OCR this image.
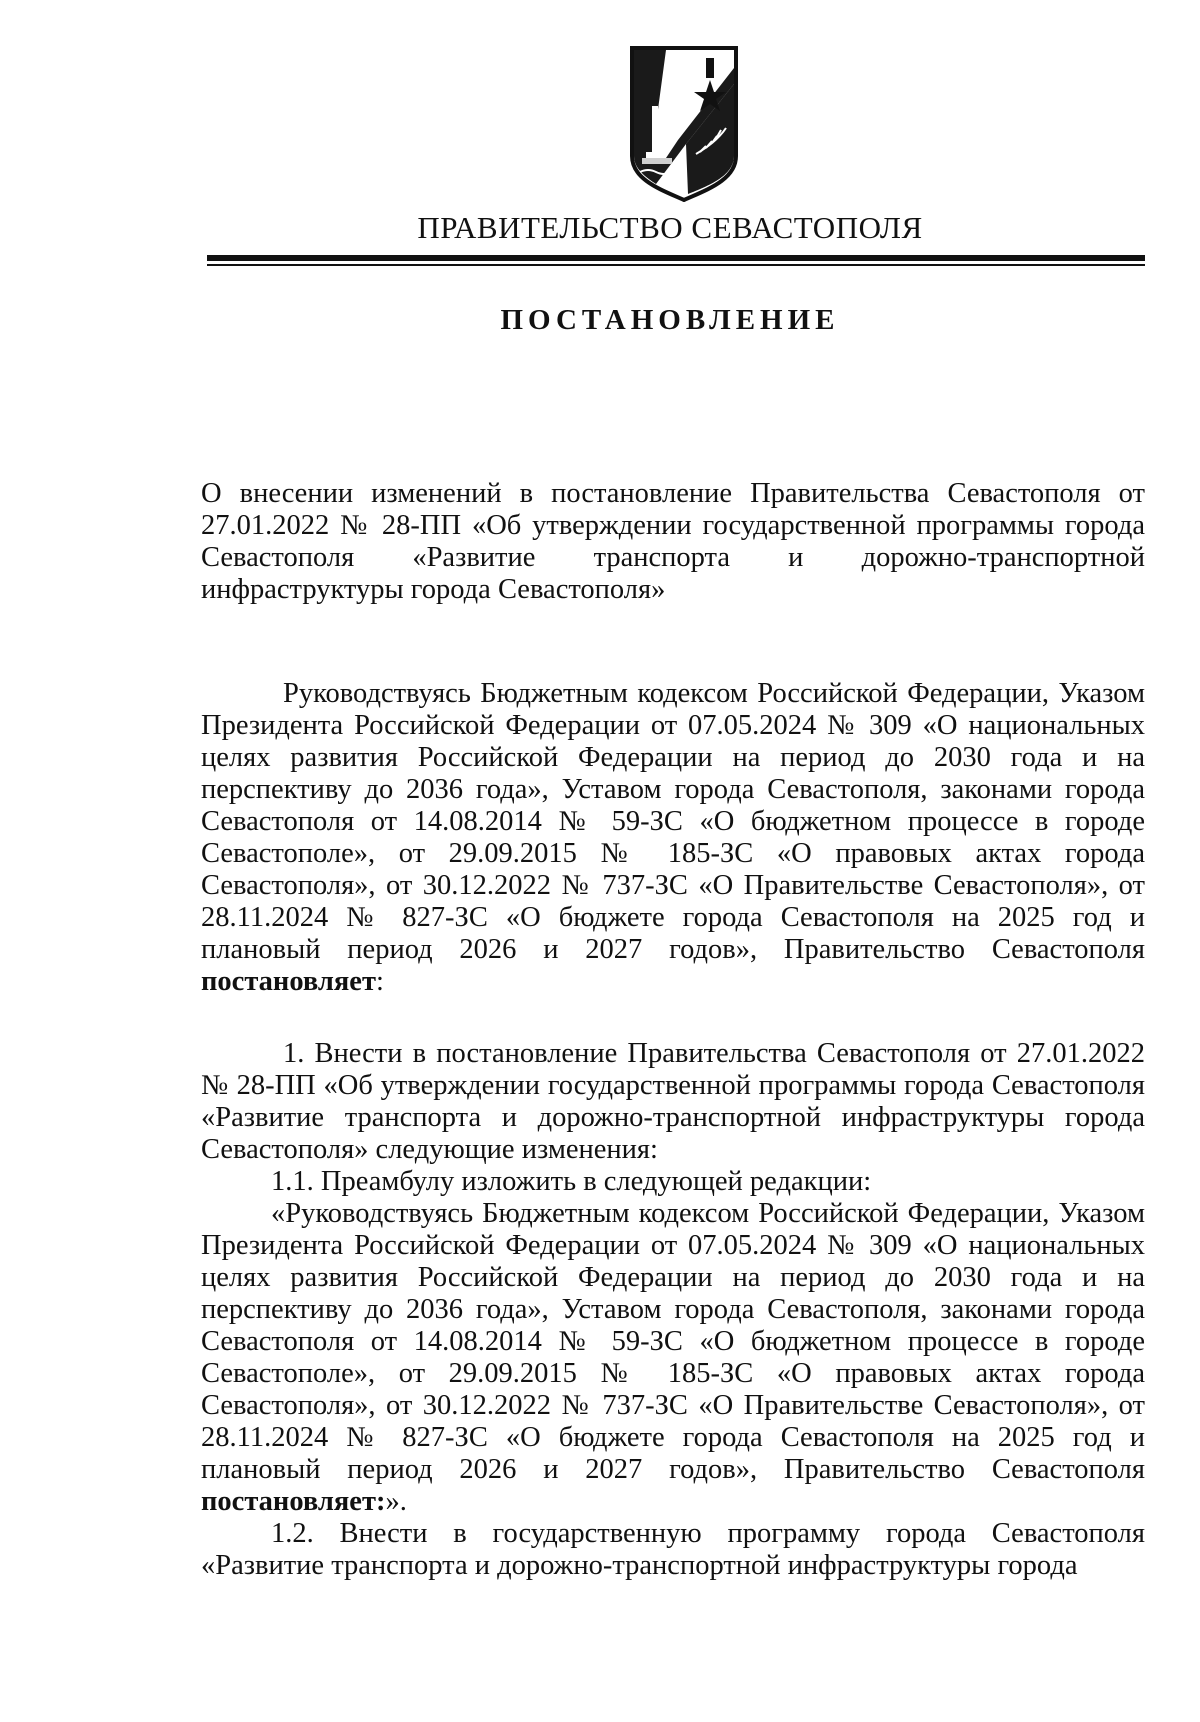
ПРАВИТЕЛЬСТВО СЕВАСТОПОЛЯ
ПОСТАНОВЛЕНИЕ

О внесении изменений в постановление Правительства Севастополя от 27.01.2022 № 28-ПП «Об утверждении государственной программы города Севастополя «Развитие транспорта и дорожно-транспортной инфраструктуры города Севастополя»

Руководствуясь Бюджетным кодексом Российской Федерации, Указом Президента Российской Федерации от 07.05.2024 № 309 «О национальных целях развития Российской Федерации на период до 2030 года и на перспективу до 2036 года», Уставом города Севастополя, законами города Севастополя от 14.08.2014 № 59-ЗС «О бюджетном процессе в городе Севастополе», от 29.09.2015 № 185-ЗС «О правовых актах города Севастополя», от 30.12.2022 № 737-ЗС «О Правительстве Севастополя», от 28.11.2024 № 827-ЗС «О бюджете города Севастополя на 2025 год и плановый период 2026 и 2027 годов», Правительство Севастополя постановляет:

1. Внести в постановление Правительства Севастополя от 27.01.2022 № 28-ПП «Об утверждении государственной программы города Севастополя «Развитие транспорта и дорожно-транспортной инфраструктуры города Севастополя» следующие изменения:

1.1. Преамбулу изложить в следующей редакции:

«Руководствуясь Бюджетным кодексом Российской Федерации, Указом Президента Российской Федерации от 07.05.2024 № 309 «О национальных целях развития Российской Федерации на период до 2030 года и на перспективу до 2036 года», Уставом города Севастополя, законами города Севастополя от 14.08.2014 № 59-ЗС «О бюджетном процессе в городе Севастополе», от 29.09.2015 № 185-ЗС «О правовых актах города Севастополя», от 30.12.2022 № 737-ЗС «О Правительстве Севастополя», от 28.11.2024 № 827-ЗС «О бюджете города Севастополя на 2025 год и плановый период 2026 и 2027 годов», Правительство Севастополя постановляет:».

1.2. Внести в государственную программу города Севастополя «Развитие транспорта и дорожно-транспортной инфраструктуры города
